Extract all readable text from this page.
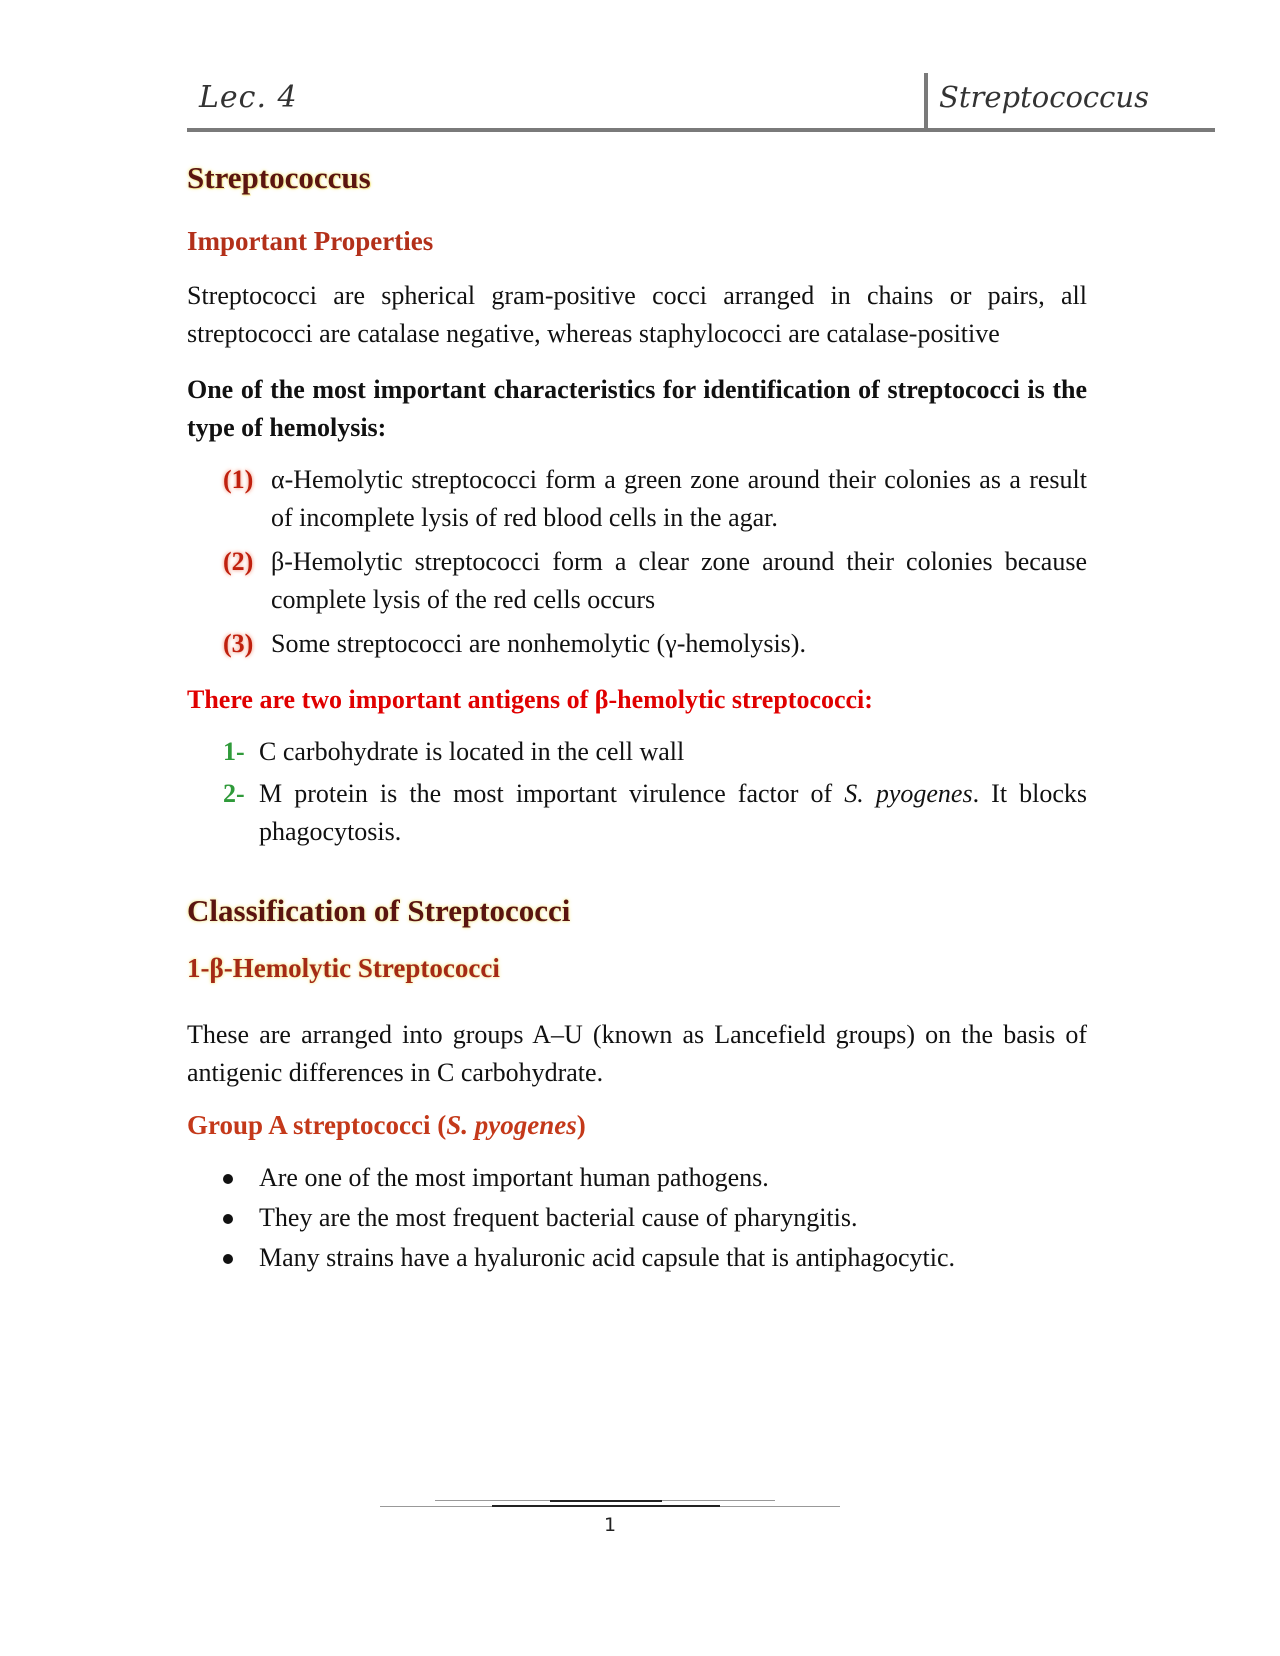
Lec. 4	Streptococcus
Streptococcus
Important Properties

Streptococci are spherical gram-positive cocci arranged in chains or pairs, all streptococci are catalase negative, whereas staphylococci are catalase-positive

One of the most important characteristics for identification of streptococci is the type of hemolysis:

(1) α-Hemolytic streptococci form a green zone around their colonies as a result of incomplete lysis of red blood cells in the agar.
(2) β-Hemolytic streptococci form a clear zone around their colonies because complete lysis of the red cells occurs
(3) Some streptococci are nonhemolytic (γ-hemolysis).

There are two important antigens of β-hemolytic streptococci:

1- C carbohydrate is located in the cell wall
2- M protein is the most important virulence factor of S. pyogenes. It blocks phagocytosis.
Classification of Streptococci
1-β-Hemolytic Streptococci

These are arranged into groups A–U (known as Lancefield groups) on the basis of antigenic differences in C carbohydrate.

Group A streptococci (S. pyogenes)
Are one of the most important human pathogens.
They are the most frequent bacterial cause of pharyngitis.
Many strains have a hyaluronic acid capsule that is antiphagocytic.
1
